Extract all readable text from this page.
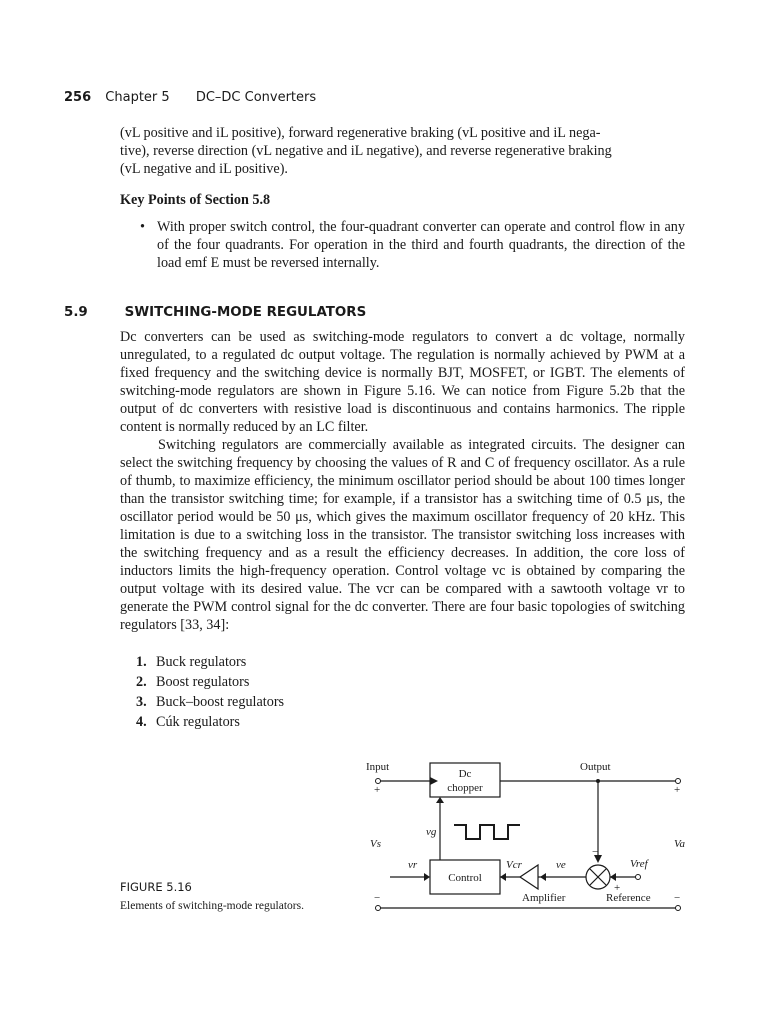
256 Chapter 5 DC–DC Converters
(vL positive and iL positive), forward regenerative braking (vL positive and iL nega-
tive), reverse direction (vL negative and iL negative), and reverse regenerative braking
(vL negative and iL positive).
Key Points of Section 5.8
• With proper switch control, the four-quadrant converter can operate and control flow in any of the four quadrants. For operation in the third and fourth quadrants, the direction of the load emf E must be reversed internally.
5.9	SWITCHING-MODE REGULATORS
Dc converters can be used as switching-mode regulators to convert a dc voltage, normally unregulated, to a regulated dc output voltage. The regulation is normally achieved by PWM at a fixed frequency and the switching device is normally BJT, MOSFET, or IGBT. The elements of switching-mode regulators are shown in Figure 5.16. We can notice from Figure 5.2b that the output of dc converters with resistive load is discontinuous and contains harmonics. The ripple content is normally reduced by an LC filter.

Switching regulators are commercially available as integrated circuits. The designer can select the switching frequency by choosing the values of R and C of frequency oscillator. As a rule of thumb, to maximize efficiency, the minimum oscillator period should be about 100 times longer than the transistor switching time; for example, if a transistor has a switching time of 0.5 μs, the oscillator period would be 50 μs, which gives the maximum oscillator frequency of 20 kHz. This limitation is due to a switching loss in the transistor. The transistor switching loss increases with the switching frequency and as a result the efficiency decreases. In addition, the core loss of inductors limits the high-frequency operation. Control voltage vc is obtained by comparing the output voltage with its desired value. The vcr can be compared with a sawtooth voltage vr to generate the PWM control signal for the dc converter. There are four basic topologies of switching regulators [33, 34]:

1. Buck regulators
2. Boost regulators
3. Buck–boost regulators
4. Cúk regulators
FIGURE 5.16
Elements of switching-mode regulators.
Input
+
Dc
chopper
Output
+
−
Vs	Va
vg
Control
vr	Vcr	ve
Amplifier
Vref
+
Reference
−	−
